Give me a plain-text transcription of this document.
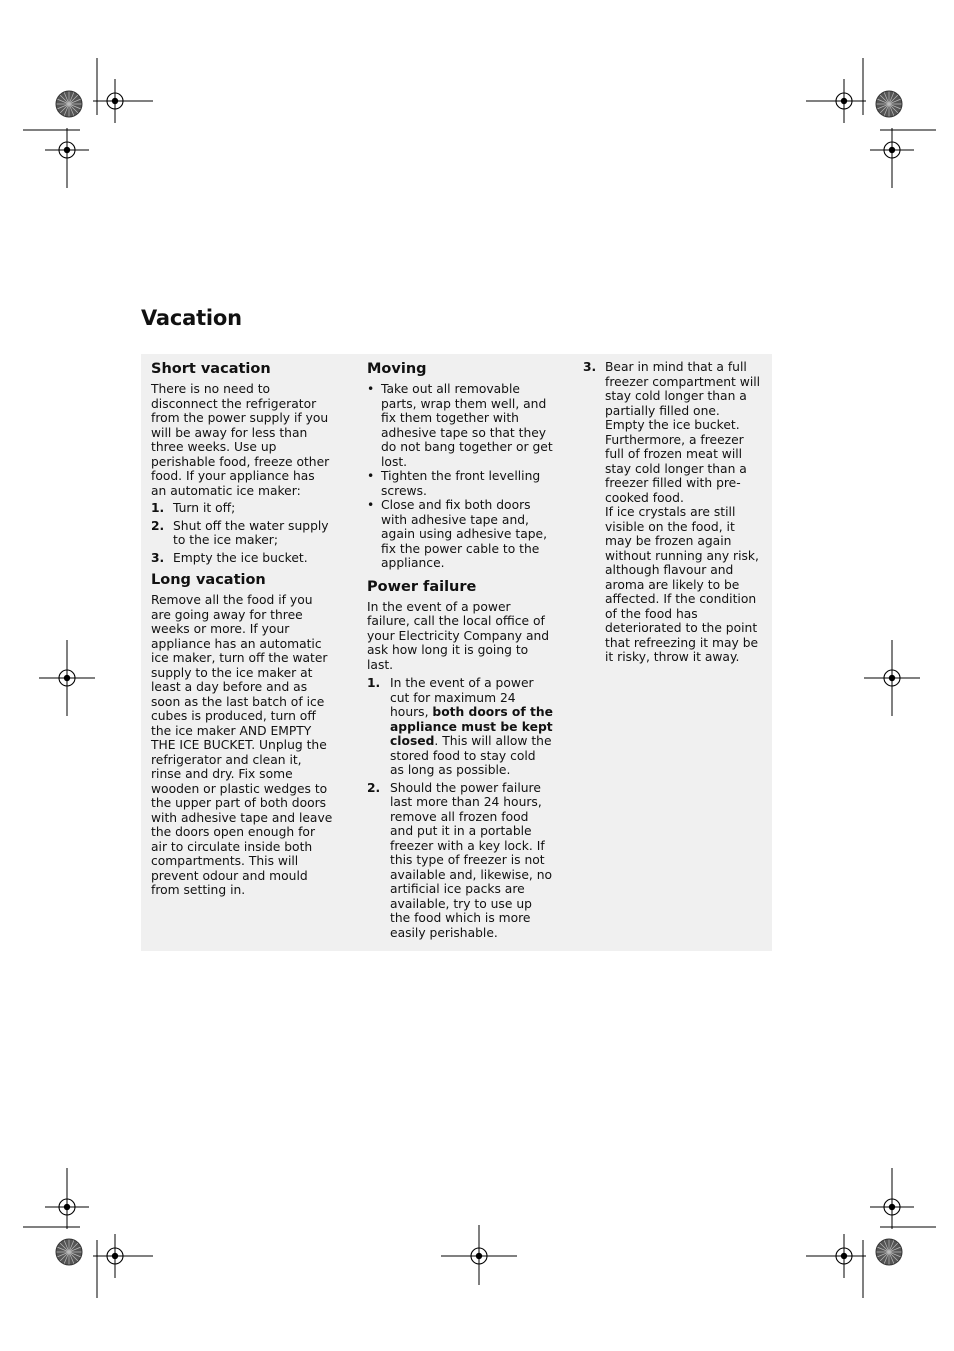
Vacation
Short vacation

There is no need to disconnect the refrigerator from the power supply if you will be away for less than three weeks. Use up perishable food, freeze other food. If your appliance has an automatic ice maker:

1. Turn it off;
2. Shut off the water supply to the ice maker;
3. Empty the ice bucket.
Long vacation

Remove all the food if you are going away for three weeks or more. If your appliance has an automatic ice maker, turn off the water supply to the ice maker at least a day before and as soon as the last batch of ice cubes is produced, turn off the ice maker AND EMPTY THE ICE BUCKET. Unplug the refrigerator and clean it, rinse and dry. Fix some wooden or plastic wedges to the upper part of both doors with adhesive tape and leave the doors open enough for air to circulate inside both compartments. This will prevent odour and mould from setting in.

Moving
• Take out all removable parts, wrap them well, and fix them together with adhesive tape so that they do not bang together or get lost.
• Tighten the front levelling screws.
• Close and fix both doors with adhesive tape and, again using adhesive tape, fix the power cable to the appliance.
Power failure

In the event of a power failure, call the local office of your Electricity Company and ask how long it is going to last.

1. In the event of a power cut for maximum 24 hours, both doors of the appliance must be kept closed. This will allow the stored food to stay cold as long as possible.
2. Should the power failure last more than 24 hours, remove all frozen food and put it in a portable freezer with a key lock. If this type of freezer is not available and, likewise, no artificial ice packs are available, try to use up the food which is more easily perishable.
3. Bear in mind that a full freezer compartment will stay cold longer than a partially filled one.

Empty the ice bucket.

Furthermore, a freezer full of frozen meat will stay cold longer than a freezer filled with pre-cooked food.

If ice crystals are still visible on the food, it may be frozen again without running any risk, although flavour and aroma are likely to be affected. If the condition of the food has deteriorated to the point that refreezing it may be it risky, throw it away.
